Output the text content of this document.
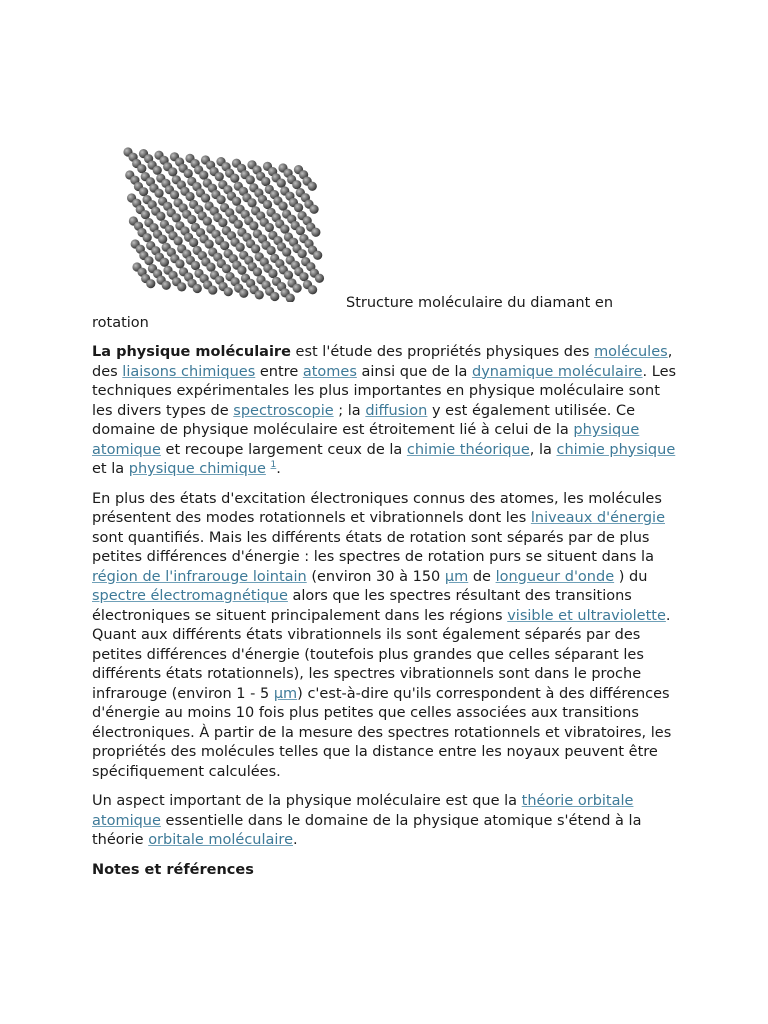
Structure moléculaire du diamant en
rotation

La physique moléculaire est l'étude des propriétés physiques des molécules, des liaisons chimiques entre atomes ainsi que de la dynamique moléculaire. Les techniques expérimentales les plus importantes en physique moléculaire sont les divers types de spectroscopie ; la diffusion y est également utilisée. Ce domaine de physique moléculaire est étroitement lié à celui de la physique atomique et recoupe largement ceux de la chimie théorique, la chimie physique et la physique chimique $^1$.

En plus des états d'excitation électroniques connus des atomes, les molécules présentent des modes rotationnels et vibrationnels dont les lniveaux d'énergie sont quantifiés. Mais les différents états de rotation sont séparés par de plus petites différences d'énergie : les spectres de rotation purs se situent dans la région de l'infrarouge lointain (environ 30 à 150 µm de longueur d'onde ) du spectre électromagnétique alors que les spectres résultant des transitions électroniques se situent principalement dans les régions visible et ultraviolette. Quant aux différents états vibrationnels ils sont également séparés par des petites différences d'énergie (toutefois plus grandes que celles séparant les différents états rotationnels), les spectres vibrationnels sont dans le proche infrarouge (environ 1 - 5 µm) c'est-à-dire qu'ils correspondent à des différences d'énergie au moins 10 fois plus petites que celles associées aux transitions électroniques. À partir de la mesure des spectres rotationnels et vibratoires, les propriétés des molécules telles que la distance entre les noyaux peuvent être spécifiquement calculées.

Un aspect important de la physique moléculaire est que la théorie orbitale atomique essentielle dans le domaine de la physique atomique s'étend à la théorie orbitale moléculaire.

Notes et références
